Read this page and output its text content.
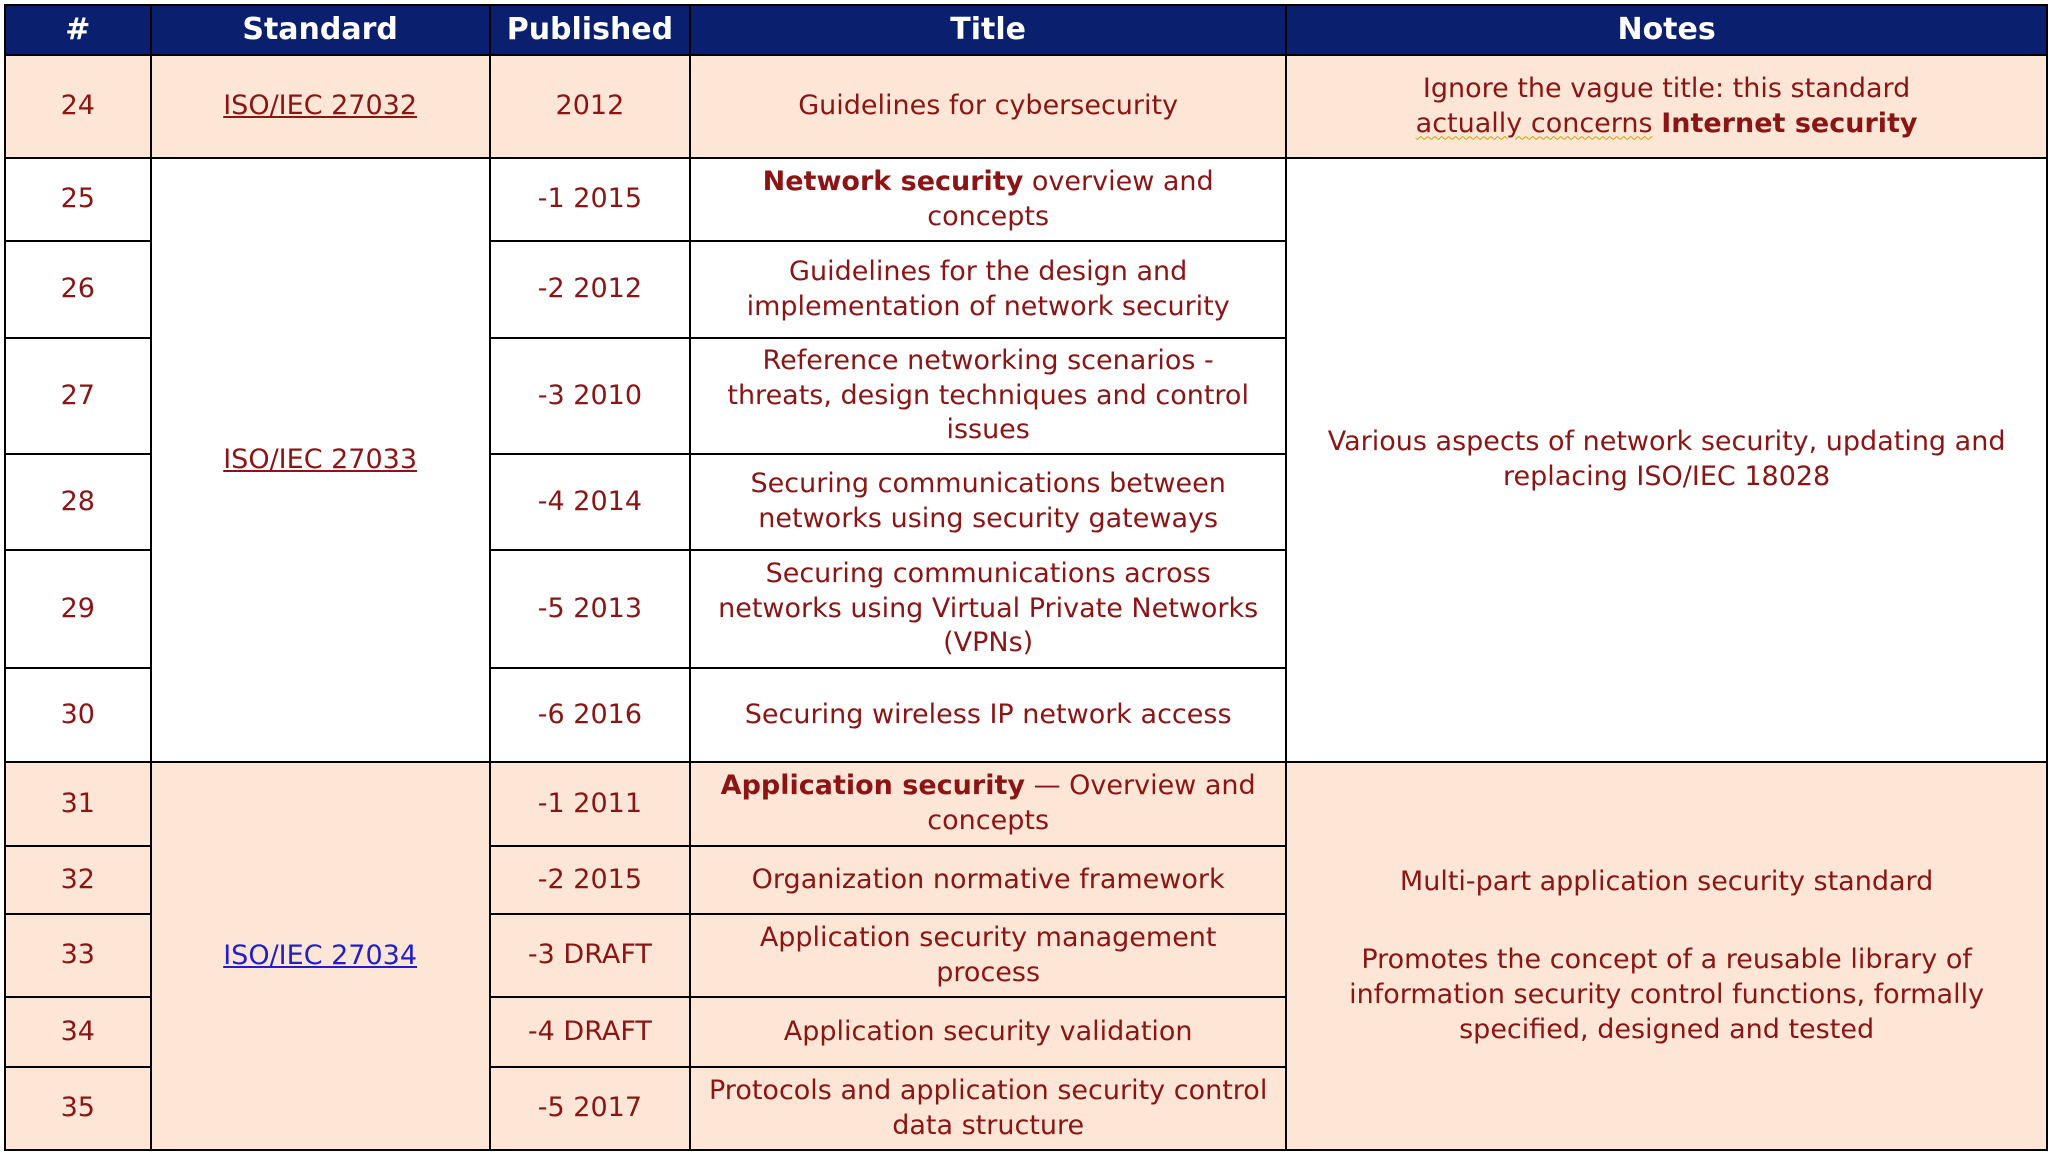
#	Standard	Published	Title	Notes
24	ISO/IEC 27032	2012	Guidelines for cybersecurity	Ignore the vague title: this standard
actually concerns Internet security
25	ISO/IEC 27033	-1 2015	Network security overview and concepts	Various aspects of network security, updating and replacing ISO/IEC 18028
26		-2 2012	Guidelines for the design and implementation of network security	
27		-3 2010	Reference networking scenarios - threats, design techniques and control issues	
28		-4 2014	Securing communications between networks using security gateways	
29		-5 2013	Securing communications across networks using Virtual Private Networks (VPNs)	
30		-6 2016	Securing wireless IP network access	
31	ISO/IEC 27034	-1 2011	Application security — Overview and concepts	Multi-part application security standard
Promotes the concept of a reusable library of information security control functions, formally specified, designed and tested

32		-2 2015	Organization normative framework	
33		-3 DRAFT	Application security management process	
34		-4 DRAFT	Application security validation	
35		-5 2017	Protocols and application security control data structure	
